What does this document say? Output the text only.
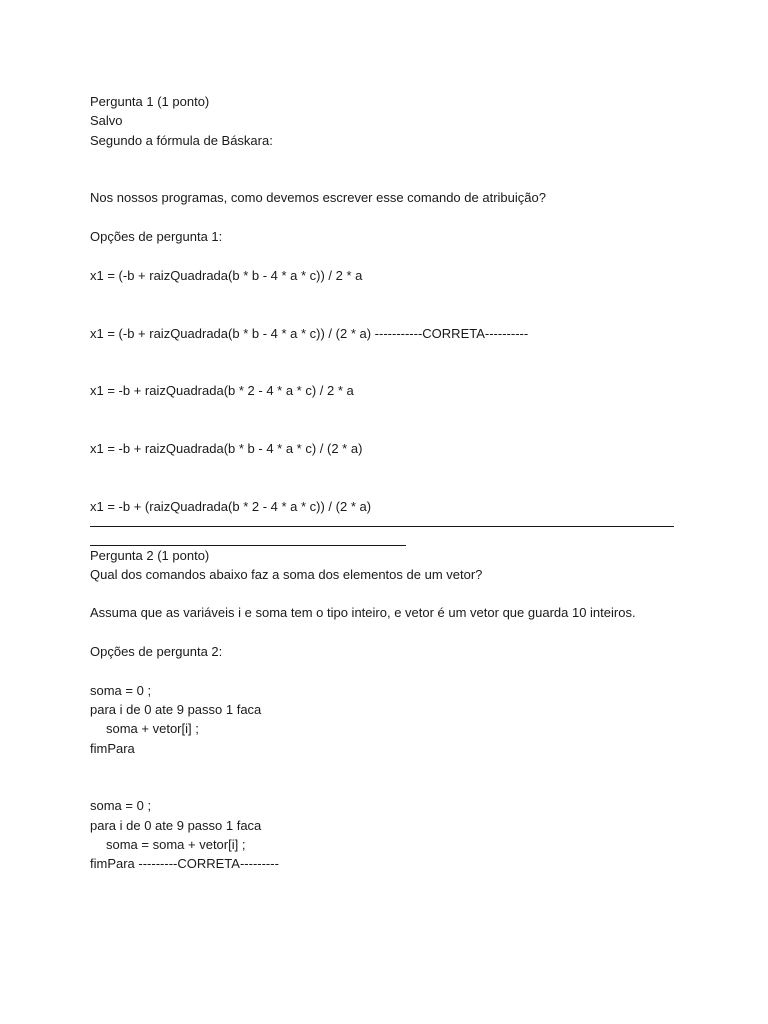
Pergunta 1 (1 ponto)
Salvo
Segundo a fórmula de Báskara:
Nos nossos programas, como devemos escrever esse comando de atribuição?
Opções de pergunta 1:
x1 = (-b + raizQuadrada(b * b - 4 * a * c)) / 2 * a
x1 = (-b + raizQuadrada(b * b - 4 * a * c)) / (2 * a) -----------CORRETA----------
x1 = -b + raizQuadrada(b * 2 - 4 * a * c) / 2 * a
x1 = -b + raizQuadrada(b * b - 4 * a * c) / (2 * a)
x1 = -b + (raizQuadrada(b * 2 - 4 * a * c)) / (2 * a)
Pergunta 2 (1 ponto)
Qual dos comandos abaixo faz a soma dos elementos de um vetor?
Assuma que as variáveis i e soma tem o tipo inteiro, e vetor é um vetor que guarda 10 inteiros.
Opções de pergunta 2:
soma = 0 ;
para i de 0 ate 9 passo 1 faca
soma + vetor[i] ;
fimPara
soma = 0 ;
para i de 0 ate 9 passo 1 faca
soma = soma + vetor[i] ;
fimPara ---------CORRETA---------
